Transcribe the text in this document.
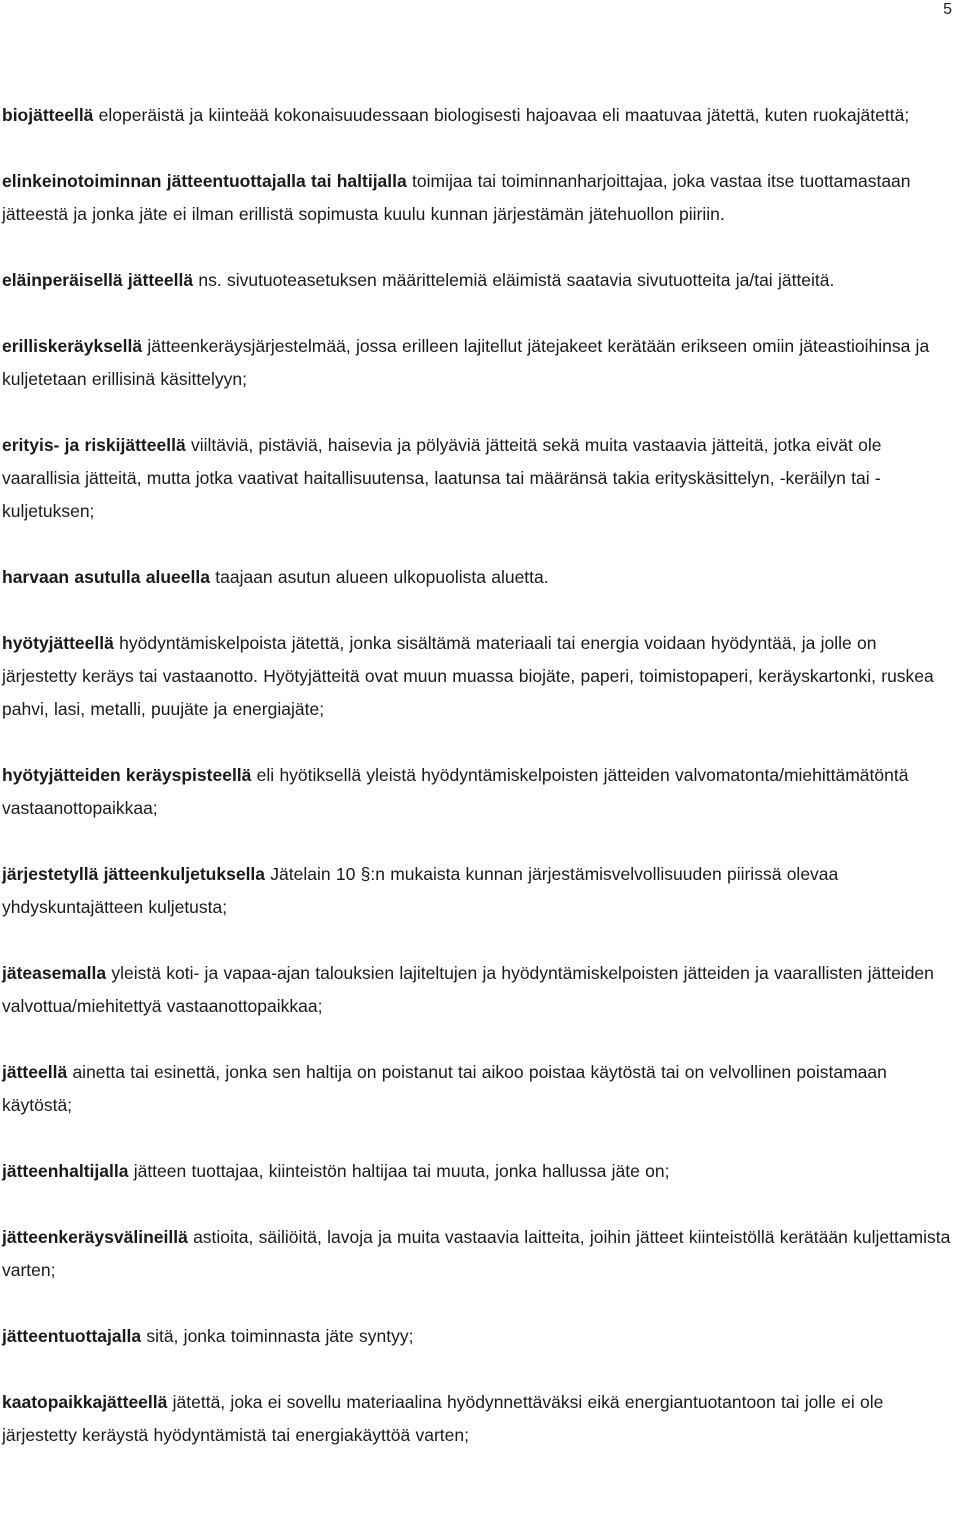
5

biojätteellä eloperäistä ja kiinteää kokonaisuudessaan biologisesti hajoavaa eli maatuvaa jätettä, kuten ruokajätettä;

elinkeinotoiminnan jätteentuottajalla tai haltijalla toimijaa tai toiminnanharjoittajaa, joka vastaa itse tuottamastaan jätteestä ja jonka jäte ei ilman erillistä sopimusta kuulu kunnan järjestämän jätehuollon piiriin.

eläinperäisellä jätteellä ns. sivutuoteasetuksen määrittelemiä eläimistä saatavia sivutuotteita ja/tai jätteitä.

erilliskeräyksellä jätteenkeräysjärjestelmää, jossa erilleen lajitellut jätejakeet kerätään erikseen omiin jäteastioihinsa ja kuljetetaan erillisinä käsittelyyn;

erityis- ja riskijätteellä viiltäviä, pistäviä, haisevia ja pölyäviä jätteitä sekä muita vastaavia jätteitä, jotka eivät ole vaarallisia jätteitä, mutta jotka vaativat haitallisuutensa, laatunsa tai määränsä takia erityskäsittelyn, -keräilyn tai -kuljetuksen;

harvaan asutulla alueella taajaan asutun alueen ulkopuolista aluetta.

hyötyjätteellä hyödyntämiskelpoista jätettä, jonka sisältämä materiaali tai energia voidaan hyödyntää, ja jolle on järjestetty keräys tai vastaanotto. Hyötyjätteitä ovat muun muassa biojäte, paperi, toimistopaperi, keräyskartonki, ruskea pahvi, lasi, metalli, puujäte ja energiajäte;

hyötyjätteiden keräyspisteellä eli hyötiksellä yleistä hyödyntämiskelpoisten jätteiden valvomatonta/miehittämätöntä vastaanottopaikkaa;

järjestetyllä jätteenkuljetuksella Jätelain 10 §:n mukaista kunnan järjestämisvelvollisuuden piirissä olevaa yhdyskuntajätteen kuljetusta;

jäteasemalla yleistä koti- ja vapaa-ajan talouksien lajiteltujen ja hyödyntämiskelpoisten jätteiden ja vaarallisten jätteiden valvottua/miehitettyä vastaanottopaikkaa;

jätteellä ainetta tai esinettä, jonka sen haltija on poistanut tai aikoo poistaa käytöstä tai on velvollinen poistamaan käytöstä;

jätteenhaltijalla jätteen tuottajaa, kiinteistön haltijaa tai muuta, jonka hallussa jäte on;

jätteenkeräysvälineillä astioita, säiliöitä, lavoja ja muita vastaavia laitteita, joihin jätteet kiinteistöllä kerätään kuljettamista varten;

jätteentuottajalla sitä, jonka toiminnasta jäte syntyy;

kaatopaikkajätteellä jätettä, joka ei sovellu materiaalina hyödynnettäväksi eikä energiantuotantoon tai jolle ei ole järjestetty keräystä hyödyntämistä tai energiakäyttöä varten;
